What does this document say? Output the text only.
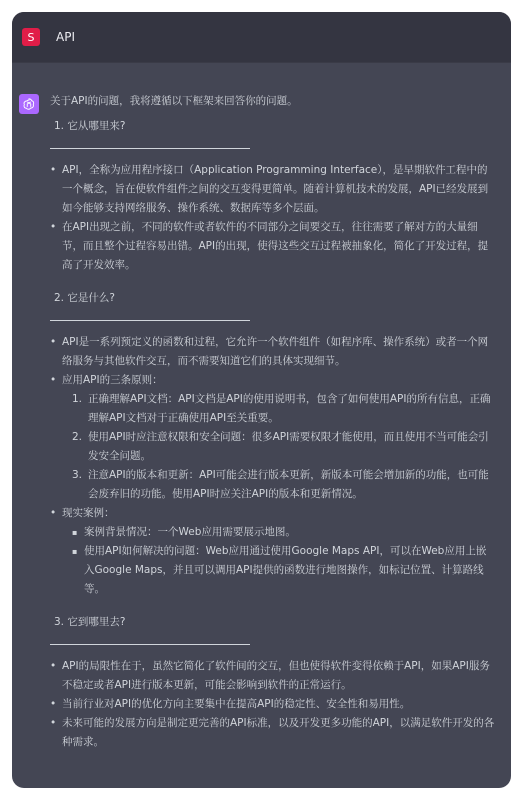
S	API

关于API的问题，我将遵循以下框架来回答你的问题。

1. 它从哪里来?

• API，全称为应用程序接口（Application Programming Interface），是早期软件工程中的一个概念，旨在使软件组件之间的交互变得更简单。随着计算机技术的发展，API已经发展到如今能够支持网络服务、操作系统、数据库等多个层面。
• 在API出现之前，不同的软件或者软件的不同部分之间要交互，往往需要了解对方的大量细节，而且整个过程容易出错。API的出现，使得这些交互过程被抽象化，简化了开发过程，提高了开发效率。

2. 它是什么?

• API是一系列预定义的函数和过程，它允许一个软件组件（如程序库、操作系统）或者一个网络服务与其他软件交互，而不需要知道它们的具体实现细节。
• 应用API的三条原则：
1. 正确理解API文档：API文档是API的使用说明书，包含了如何使用API的所有信息，正确理解API文档对于正确使用API至关重要。
2. 使用API时应注意权限和安全问题：很多API需要权限才能使用，而且使用不当可能会引发安全问题。
3. 注意API的版本和更新：API可能会进行版本更新，新版本可能会增加新的功能，也可能会废弃旧的功能。使用API时应关注API的版本和更新情况。
• 现实案例：
▪ 案例背景情况：一个Web应用需要展示地图。
▪ 使用API如何解决的问题：Web应用通过使用Google Maps API，可以在Web应用上嵌入Google Maps，并且可以调用API提供的函数进行地图操作，如标记位置、计算路线等。

3. 它到哪里去?

• API的局限性在于，虽然它简化了软件间的交互，但也使得软件变得依赖于API，如果API服务不稳定或者API进行版本更新，可能会影响到软件的正常运行。
• 当前行业对API的优化方向主要集中在提高API的稳定性、安全性和易用性。
• 未来可能的发展方向是制定更完善的API标准，以及开发更多功能的API，以满足软件开发的各种需求。
